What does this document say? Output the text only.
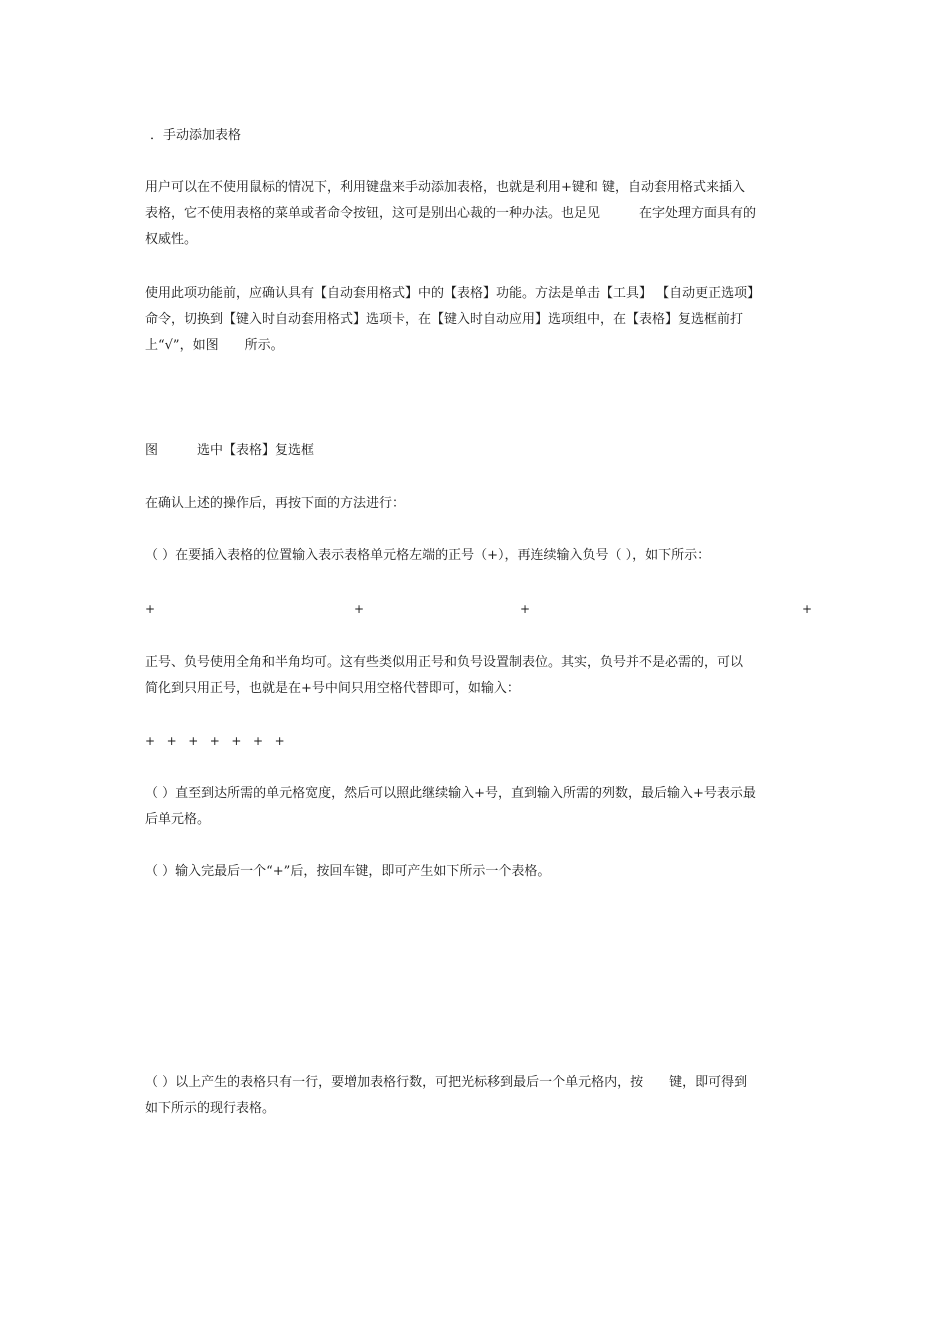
．手动添加表格
用户可以在不使用鼠标的情况下，利用键盘来手动添加表格，也就是利用+键和 键，自动套用格式来插入
表格，它不使用表格的菜单或者命令按钮，这可是别出心裁的一种办法。也足见　　　在字处理方面具有的
权威性。
使用此项功能前，应确认具有【自动套用格式】中的【表格】功能。方法是单击【工具】 【自动更正选项】
命令，切换到【键入时自动套用格式】选项卡，在【键入时自动应用】选项组中，在【表格】复选框前打
上“√”，如图　　所示。
图　　　选中【表格】复选框
在确认上述的操作后，再按下面的方法进行：
（ ）在要插入表格的位置输入表示表格单元格左端的正号（+），再连续输入负号（ ），如下所示：
+	+	+	+
正号、负号使用全角和半角均可。这有些类似用正号和负号设置制表位。其实，负号并不是必需的，可以
简化到只用正号，也就是在+号中间只用空格代替即可，如输入：
+ + + + + + +
（ ）直至到达所需的单元格宽度，然后可以照此继续输入+号，直到输入所需的列数，最后输入+号表示最
后单元格。
（ ）输入完最后一个“+”后，按回车键，即可产生如下所示一个表格。
（ ）以上产生的表格只有一行，要增加表格行数，可把光标移到最后一个单元格内，按　　键，即可得到
如下所示的现行表格。
